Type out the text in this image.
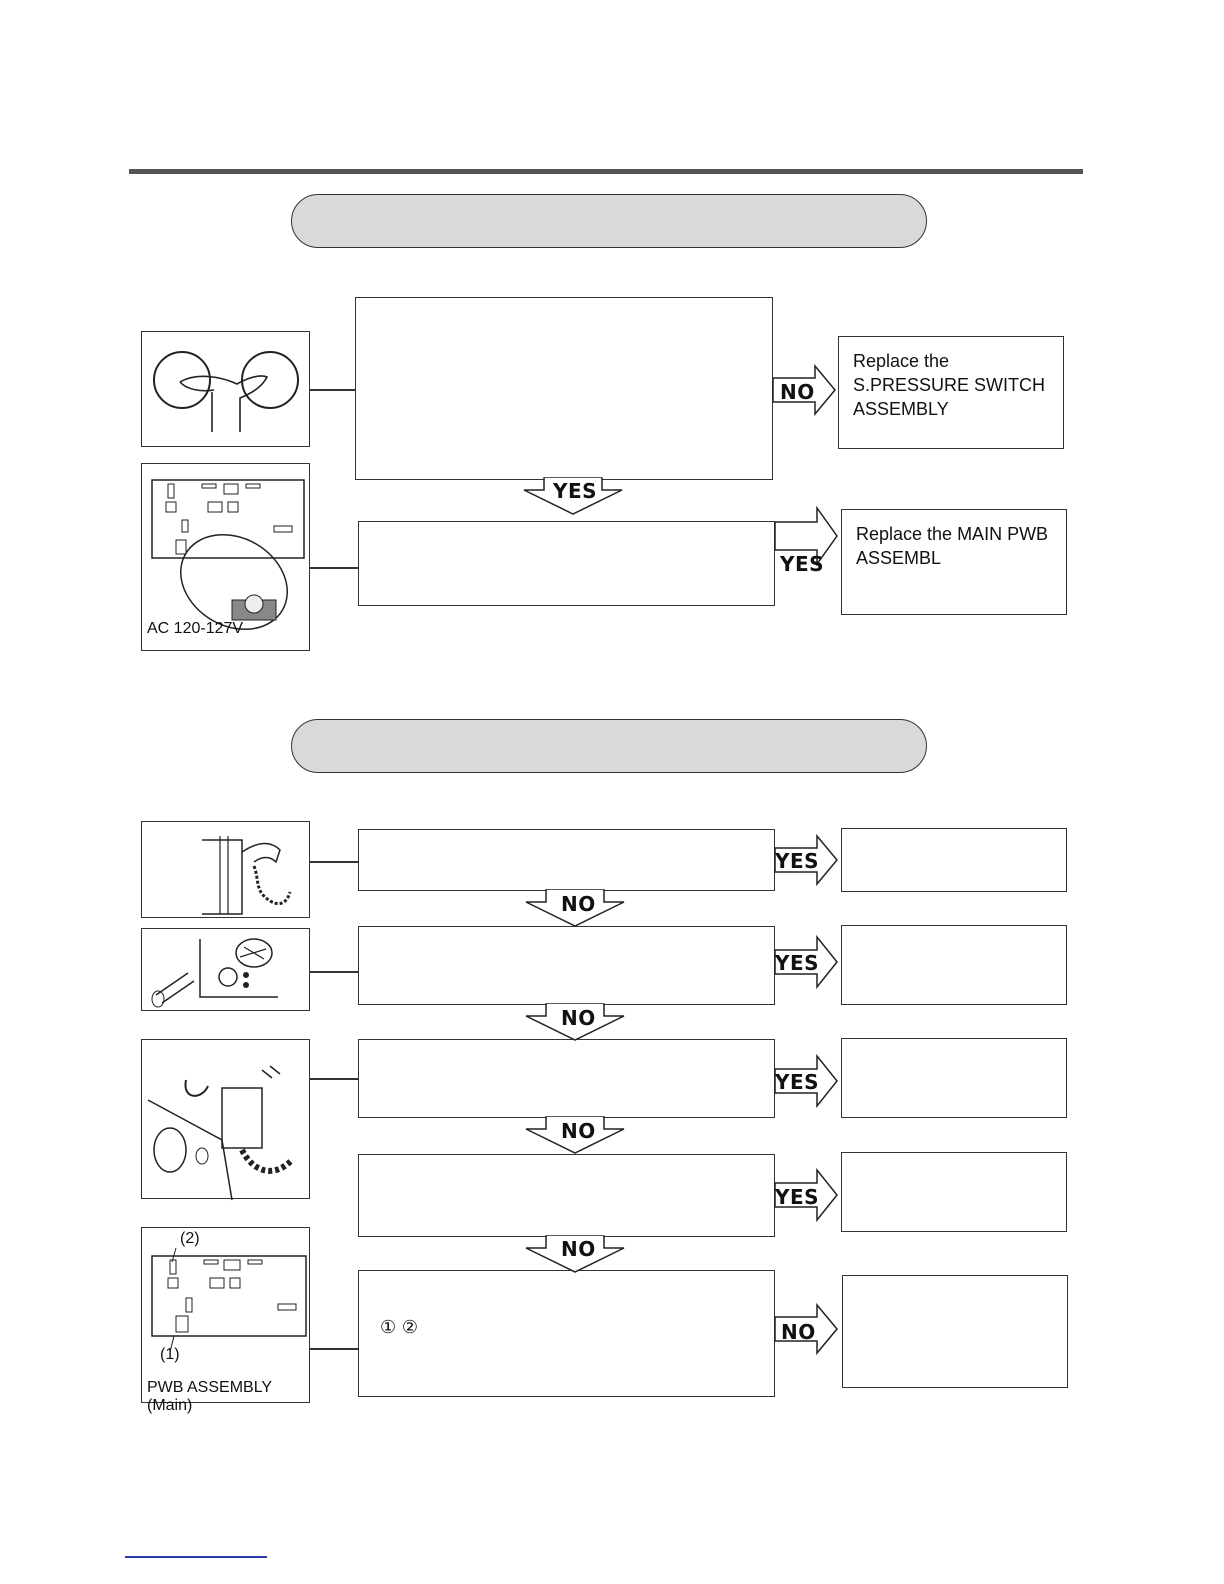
AC 120-127V
NO
Replace the
S.PRESSURE SWITCH
ASSEMBLY
YES
YES
Replace the MAIN PWB
ASSEMBL
(2)
(1)
PWB ASSEMBLY (Main)
① ②
YES
YES
YES
YES
NO
NO
NO
NO
NO
